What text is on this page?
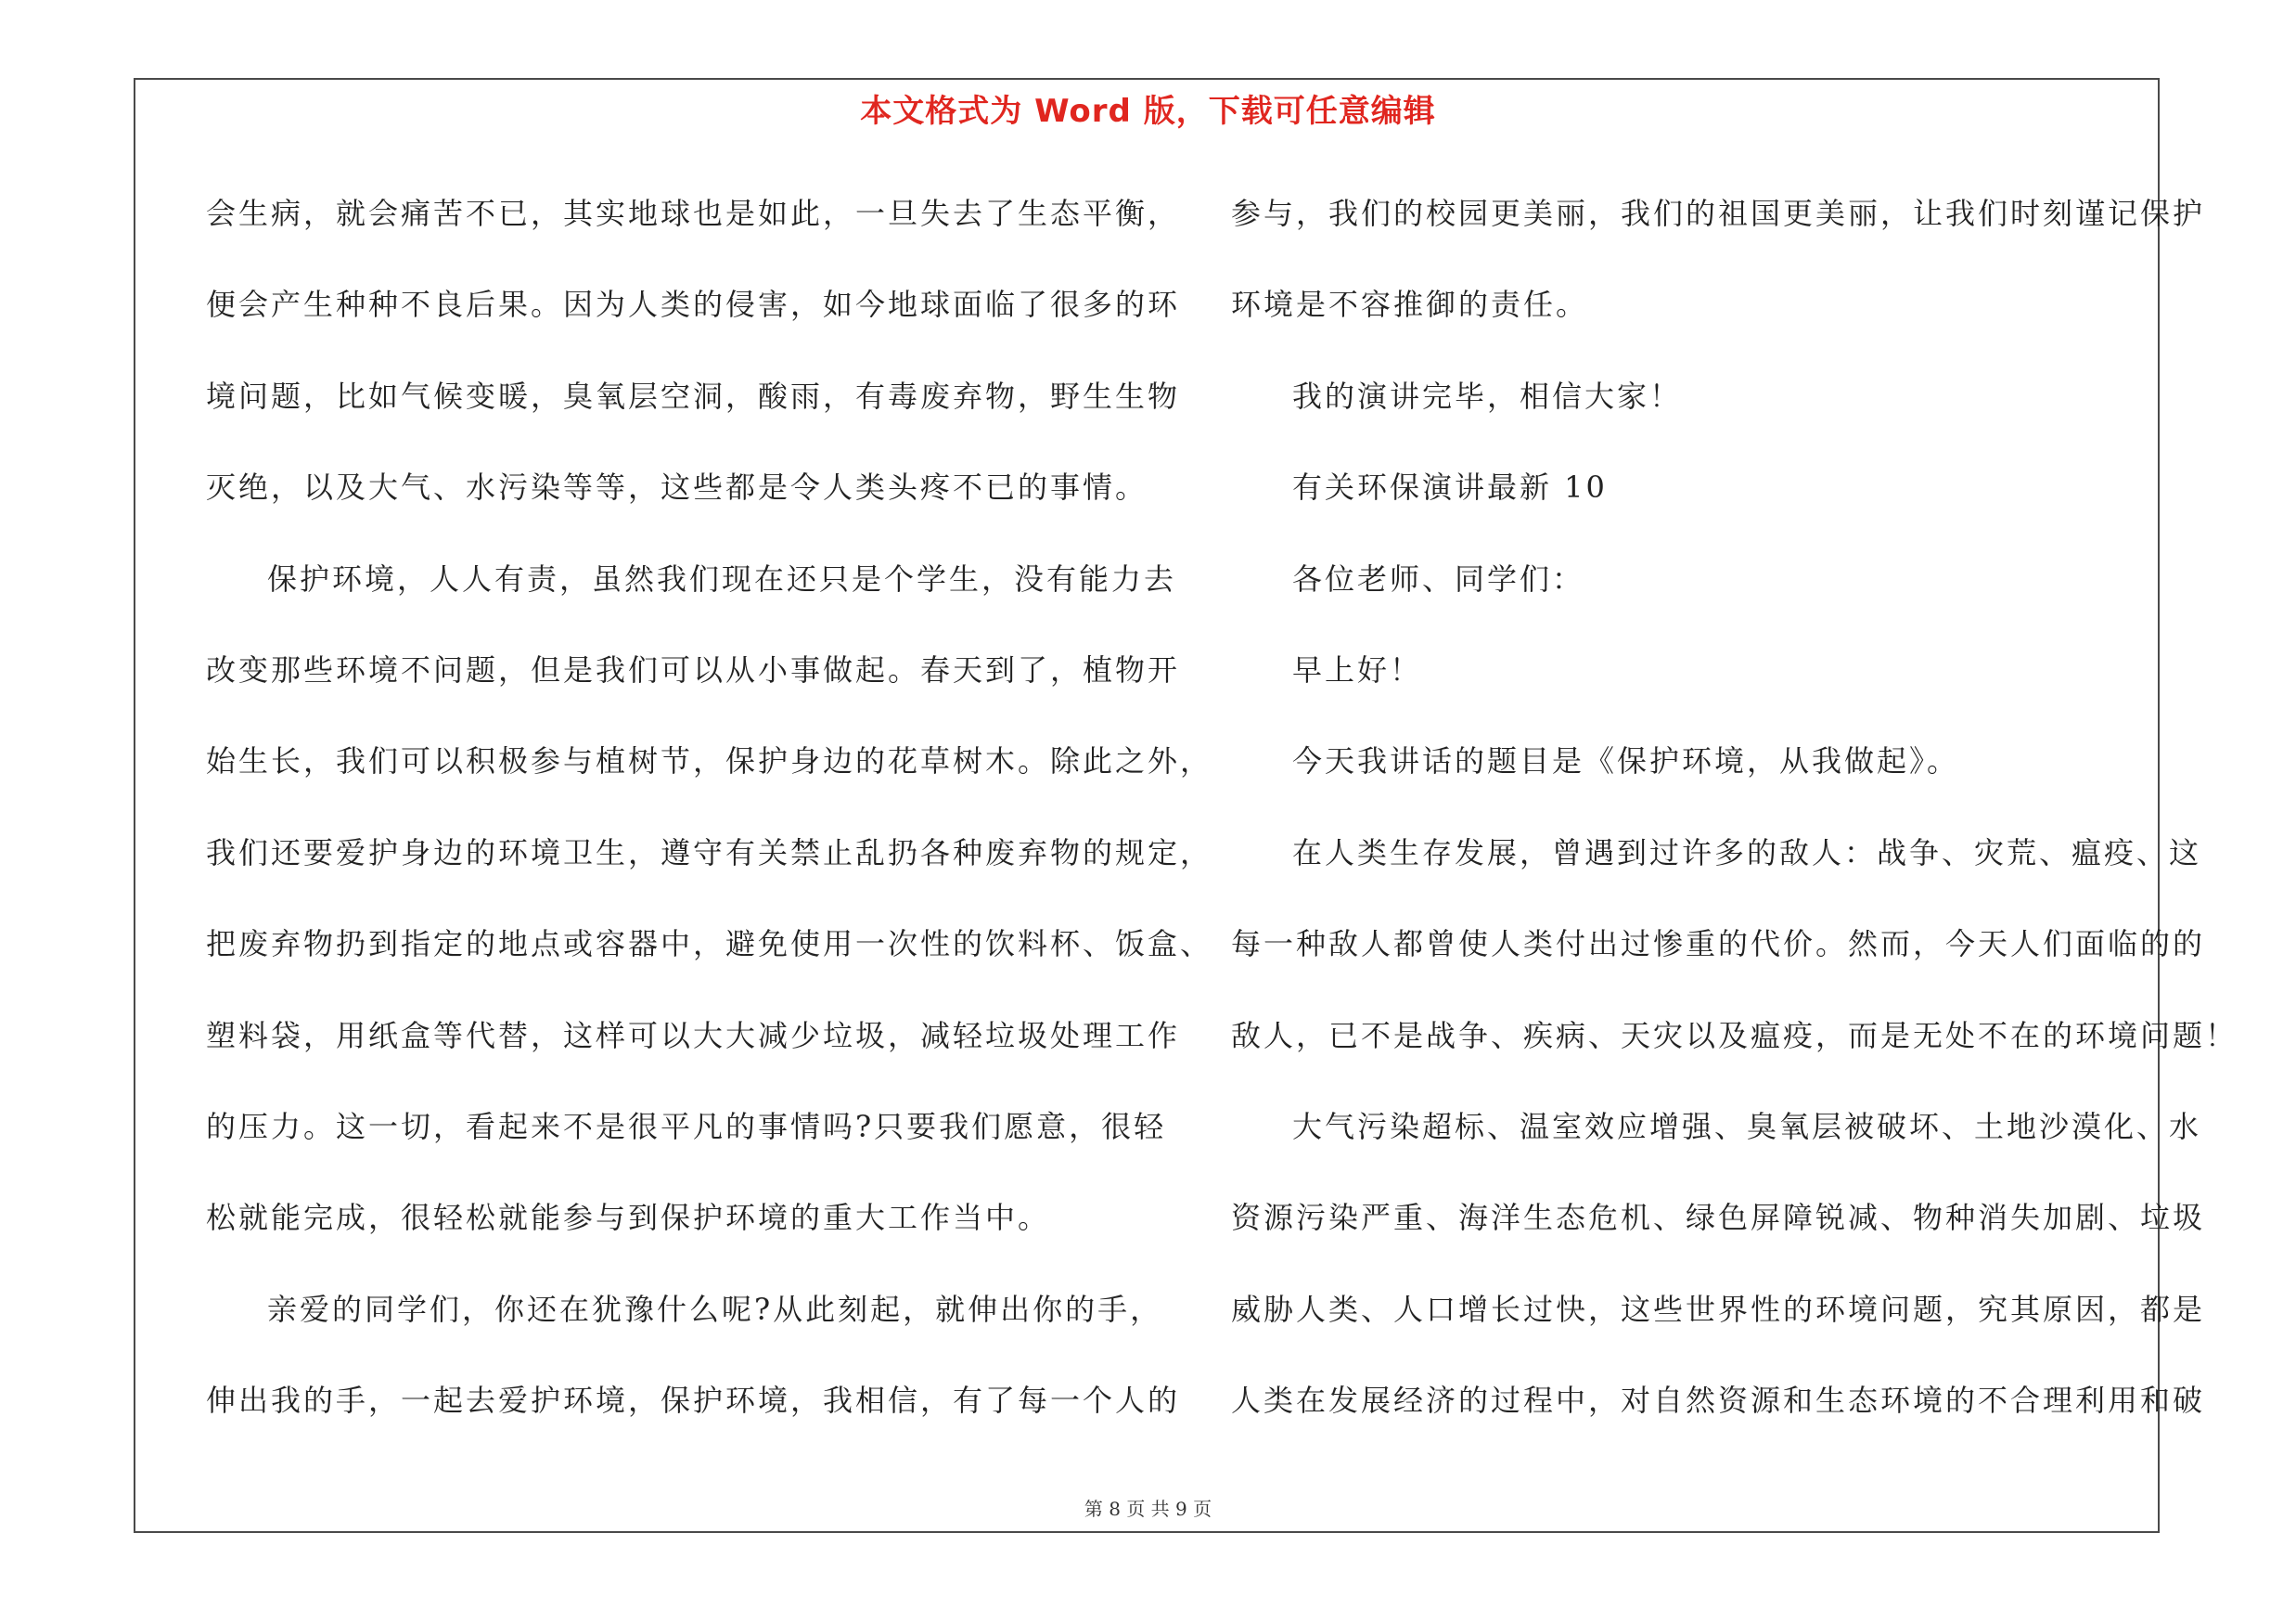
本文格式为 Word 版，下载可任意编辑
会生病，就会痛苦不已，其实地球也是如此，一旦失去了生态平衡，
便会产生种种不良后果。因为人类的侵害，如今地球面临了很多的环
境问题，比如气候变暖，臭氧层空洞，酸雨，有毒废弃物，野生生物
灭绝，以及大气、水污染等等，这些都是令人类头疼不已的事情。
保护环境，人人有责，虽然我们现在还只是个学生，没有能力去
改变那些环境不问题，但是我们可以从小事做起。春天到了，植物开
始生长，我们可以积极参与植树节，保护身边的花草树木。除此之外，
我们还要爱护身边的环境卫生，遵守有关禁止乱扔各种废弃物的规定，
把废弃物扔到指定的地点或容器中，避免使用一次性的饮料杯、饭盒、
塑料袋，用纸盒等代替，这样可以大大减少垃圾，减轻垃圾处理工作
的压力。这一切，看起来不是很平凡的事情吗?只要我们愿意，很轻
松就能完成，很轻松就能参与到保护环境的重大工作当中。
亲爱的同学们，你还在犹豫什么呢?从此刻起，就伸出你的手，
伸出我的手，一起去爱护环境，保护环境，我相信，有了每一个人的
参与，我们的校园更美丽，我们的祖国更美丽，让我们时刻谨记保护
环境是不容推御的责任。
我的演讲完毕，相信大家！
有关环保演讲最新 10
各位老师、同学们：
早上好！
今天我讲话的题目是《保护环境，从我做起》。
在人类生存发展，曾遇到过许多的敌人：战争、灾荒、瘟疫、这
每一种敌人都曾使人类付出过惨重的代价。然而，今天人们面临的的
敌人，已不是战争、疾病、天灾以及瘟疫，而是无处不在的环境问题！
大气污染超标、温室效应增强、臭氧层被破坏、土地沙漠化、水
资源污染严重、海洋生态危机、绿色屏障锐减、物种消失加剧、垃圾
威胁人类、人口增长过快，这些世界性的环境问题，究其原因，都是
人类在发展经济的过程中，对自然资源和生态环境的不合理利用和破
第 8 页 共 9 页
